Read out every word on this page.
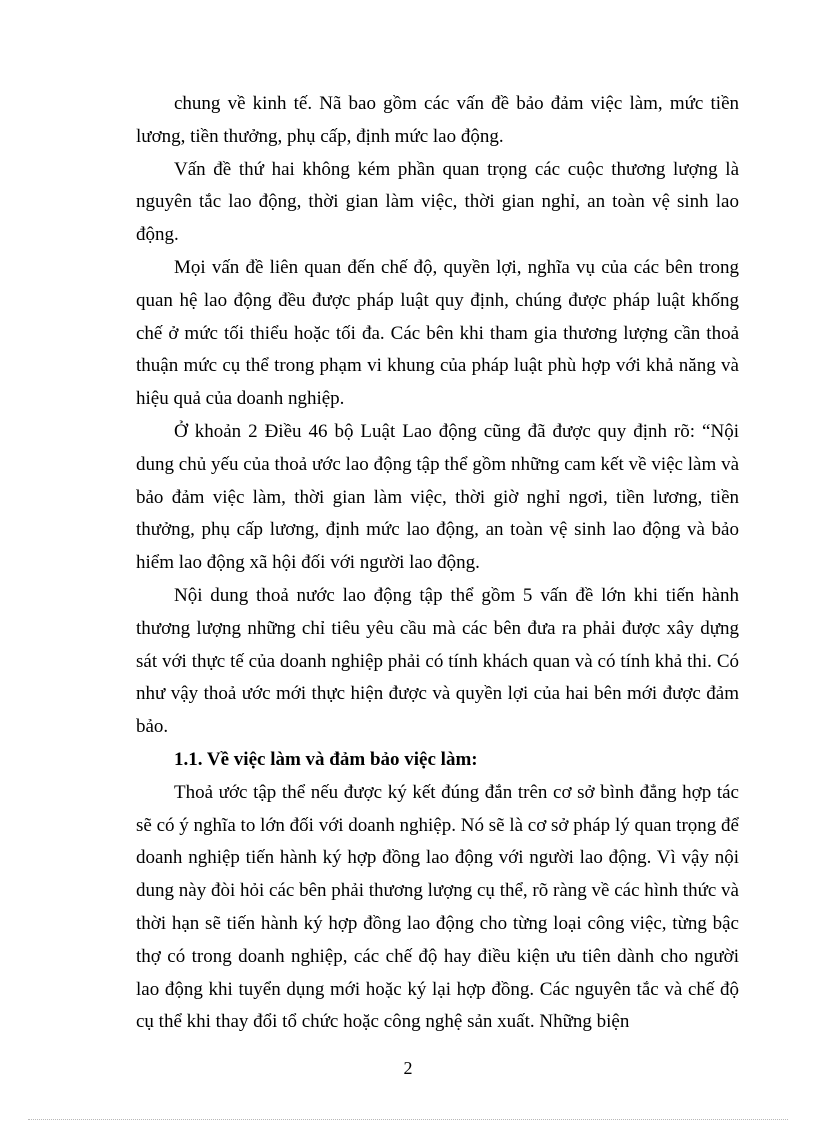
chung về kinh tế. Nã bao gồm các vấn đề bảo đảm việc làm, mức tiền lương, tiền thưởng, phụ cấp, định mức lao động.

Vấn đề thứ hai không kém phần quan trọng các cuộc thương lượng là nguyên tắc lao động, thời gian làm việc, thời gian nghỉ, an toàn vệ sinh lao động.

Mọi vấn đề liên quan đến chế độ, quyền lợi, nghĩa vụ của các bên trong quan hệ lao động đều được pháp luật quy định, chúng được pháp luật khống chế ở mức tối thiểu hoặc tối đa. Các bên khi tham gia thương lượng cần thoả thuận mức cụ thể trong phạm vi khung của pháp luật phù hợp với khả năng và hiệu quả của doanh nghiệp.

Ở khoản 2 Điều 46 bộ Luật Lao động cũng đã được quy định rõ: “Nội dung chủ yếu của thoả ước lao động tập thể gồm những cam kết về việc làm và bảo đảm việc làm, thời gian làm việc, thời giờ nghỉ ngơi, tiền lương, tiền thưởng, phụ cấp lương, định mức lao động, an toàn vệ sinh lao động và bảo hiểm lao động xã hội đối với người lao động.

Nội dung thoả nước lao động tập thể gồm 5 vấn đề lớn khi tiến hành thương lượng những chỉ tiêu yêu cầu mà các bên đưa ra phải được xây dựng sát với thực tế của doanh nghiệp phải có tính khách quan và có tính khả thi. Có như vậy thoả ước mới thực hiện được và quyền lợi của hai bên mới được đảm bảo.

1.1. Về việc làm và đảm bảo việc làm:

Thoả ước tập thể nếu được ký kết đúng đắn trên cơ sở bình đẳng hợp tác sẽ có ý nghĩa to lớn đối với doanh nghiệp. Nó sẽ là cơ sở pháp lý quan trọng để doanh nghiệp tiến hành ký hợp đồng lao động với người lao động. Vì vậy nội dung này đòi hỏi các bên phải thương lượng cụ thể, rõ ràng về các hình thức và thời hạn sẽ tiến hành ký hợp đồng lao động cho từng loại công việc, từng bậc thợ có trong doanh nghiệp, các chế độ hay điều kiện ưu tiên dành cho người lao động khi tuyển dụng mới hoặc ký lại hợp đồng. Các nguyên tắc và chế độ cụ thể khi thay đổi tổ chức hoặc công nghệ sản xuất. Những biện

2
